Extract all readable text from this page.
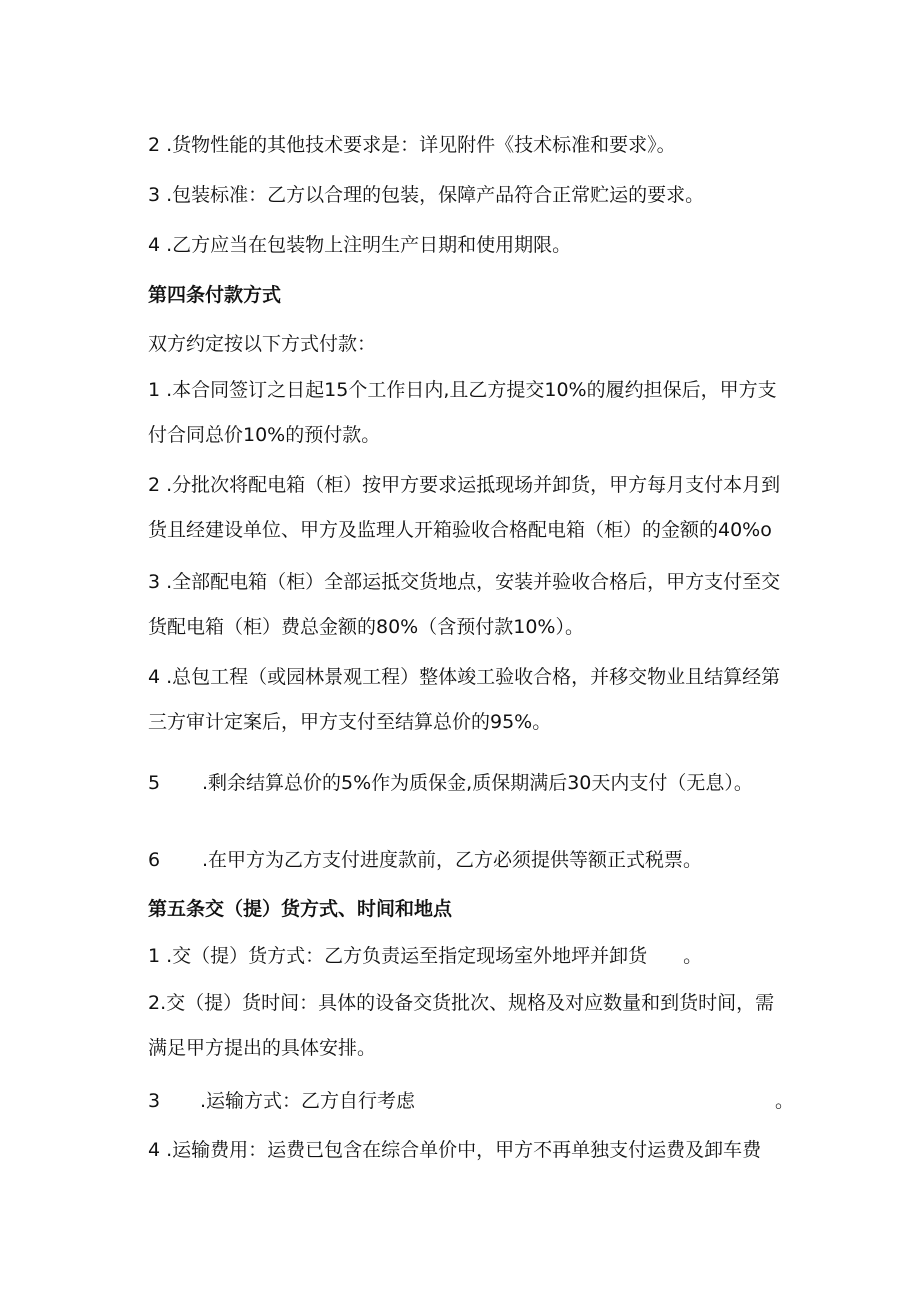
2 .货物性能的其他技术要求是：详见附件《技术标准和要求》。

3 .包装标准：乙方以合理的包装，保障产品符合正常贮运的要求。

4 .乙方应当在包装物上注明生产日期和使用期限。

第四条付款方式

双方约定按以下方式付款：

1 .本合同签订之日起15个工作日内,且乙方提交10%的履约担保后，甲方支
付合同总价10%的预付款。
2 .分批次将配电箱（柜）按甲方要求运抵现场并卸货，甲方每月支付本月到
货且经建设单位、甲方及监理人开箱验收合格配电箱（柜）的金额的40%o
3 .全部配电箱（柜）全部运抵交货地点，安装并验收合格后，甲方支付至交
货配电箱（柜）费总金额的80%（含预付款10%）。
4 .总包工程（或园林景观工程）整体竣工验收合格，并移交物业且结算经第
三方审计定案后，甲方支付至结算总价的95%。

5 .剩余结算总价的5%作为质保金,质保期满后30天内支付（无息）。

6 .在甲方为乙方支付进度款前，乙方必须提供等额正式税票。

第五条交（提）货方式、时间和地点

1 .交（提）货方式：乙方负责运至指定现场室外地坪并卸货 。

2.交（提）货时间：具体的设备交货批次、规格及对应数量和到货时间，需
满足甲方提出的具体安排。

3 .运输方式：乙方自行考虑	。

4 .运输费用：运费已包含在综合单价中，甲方不再单独支付运费及卸车费
